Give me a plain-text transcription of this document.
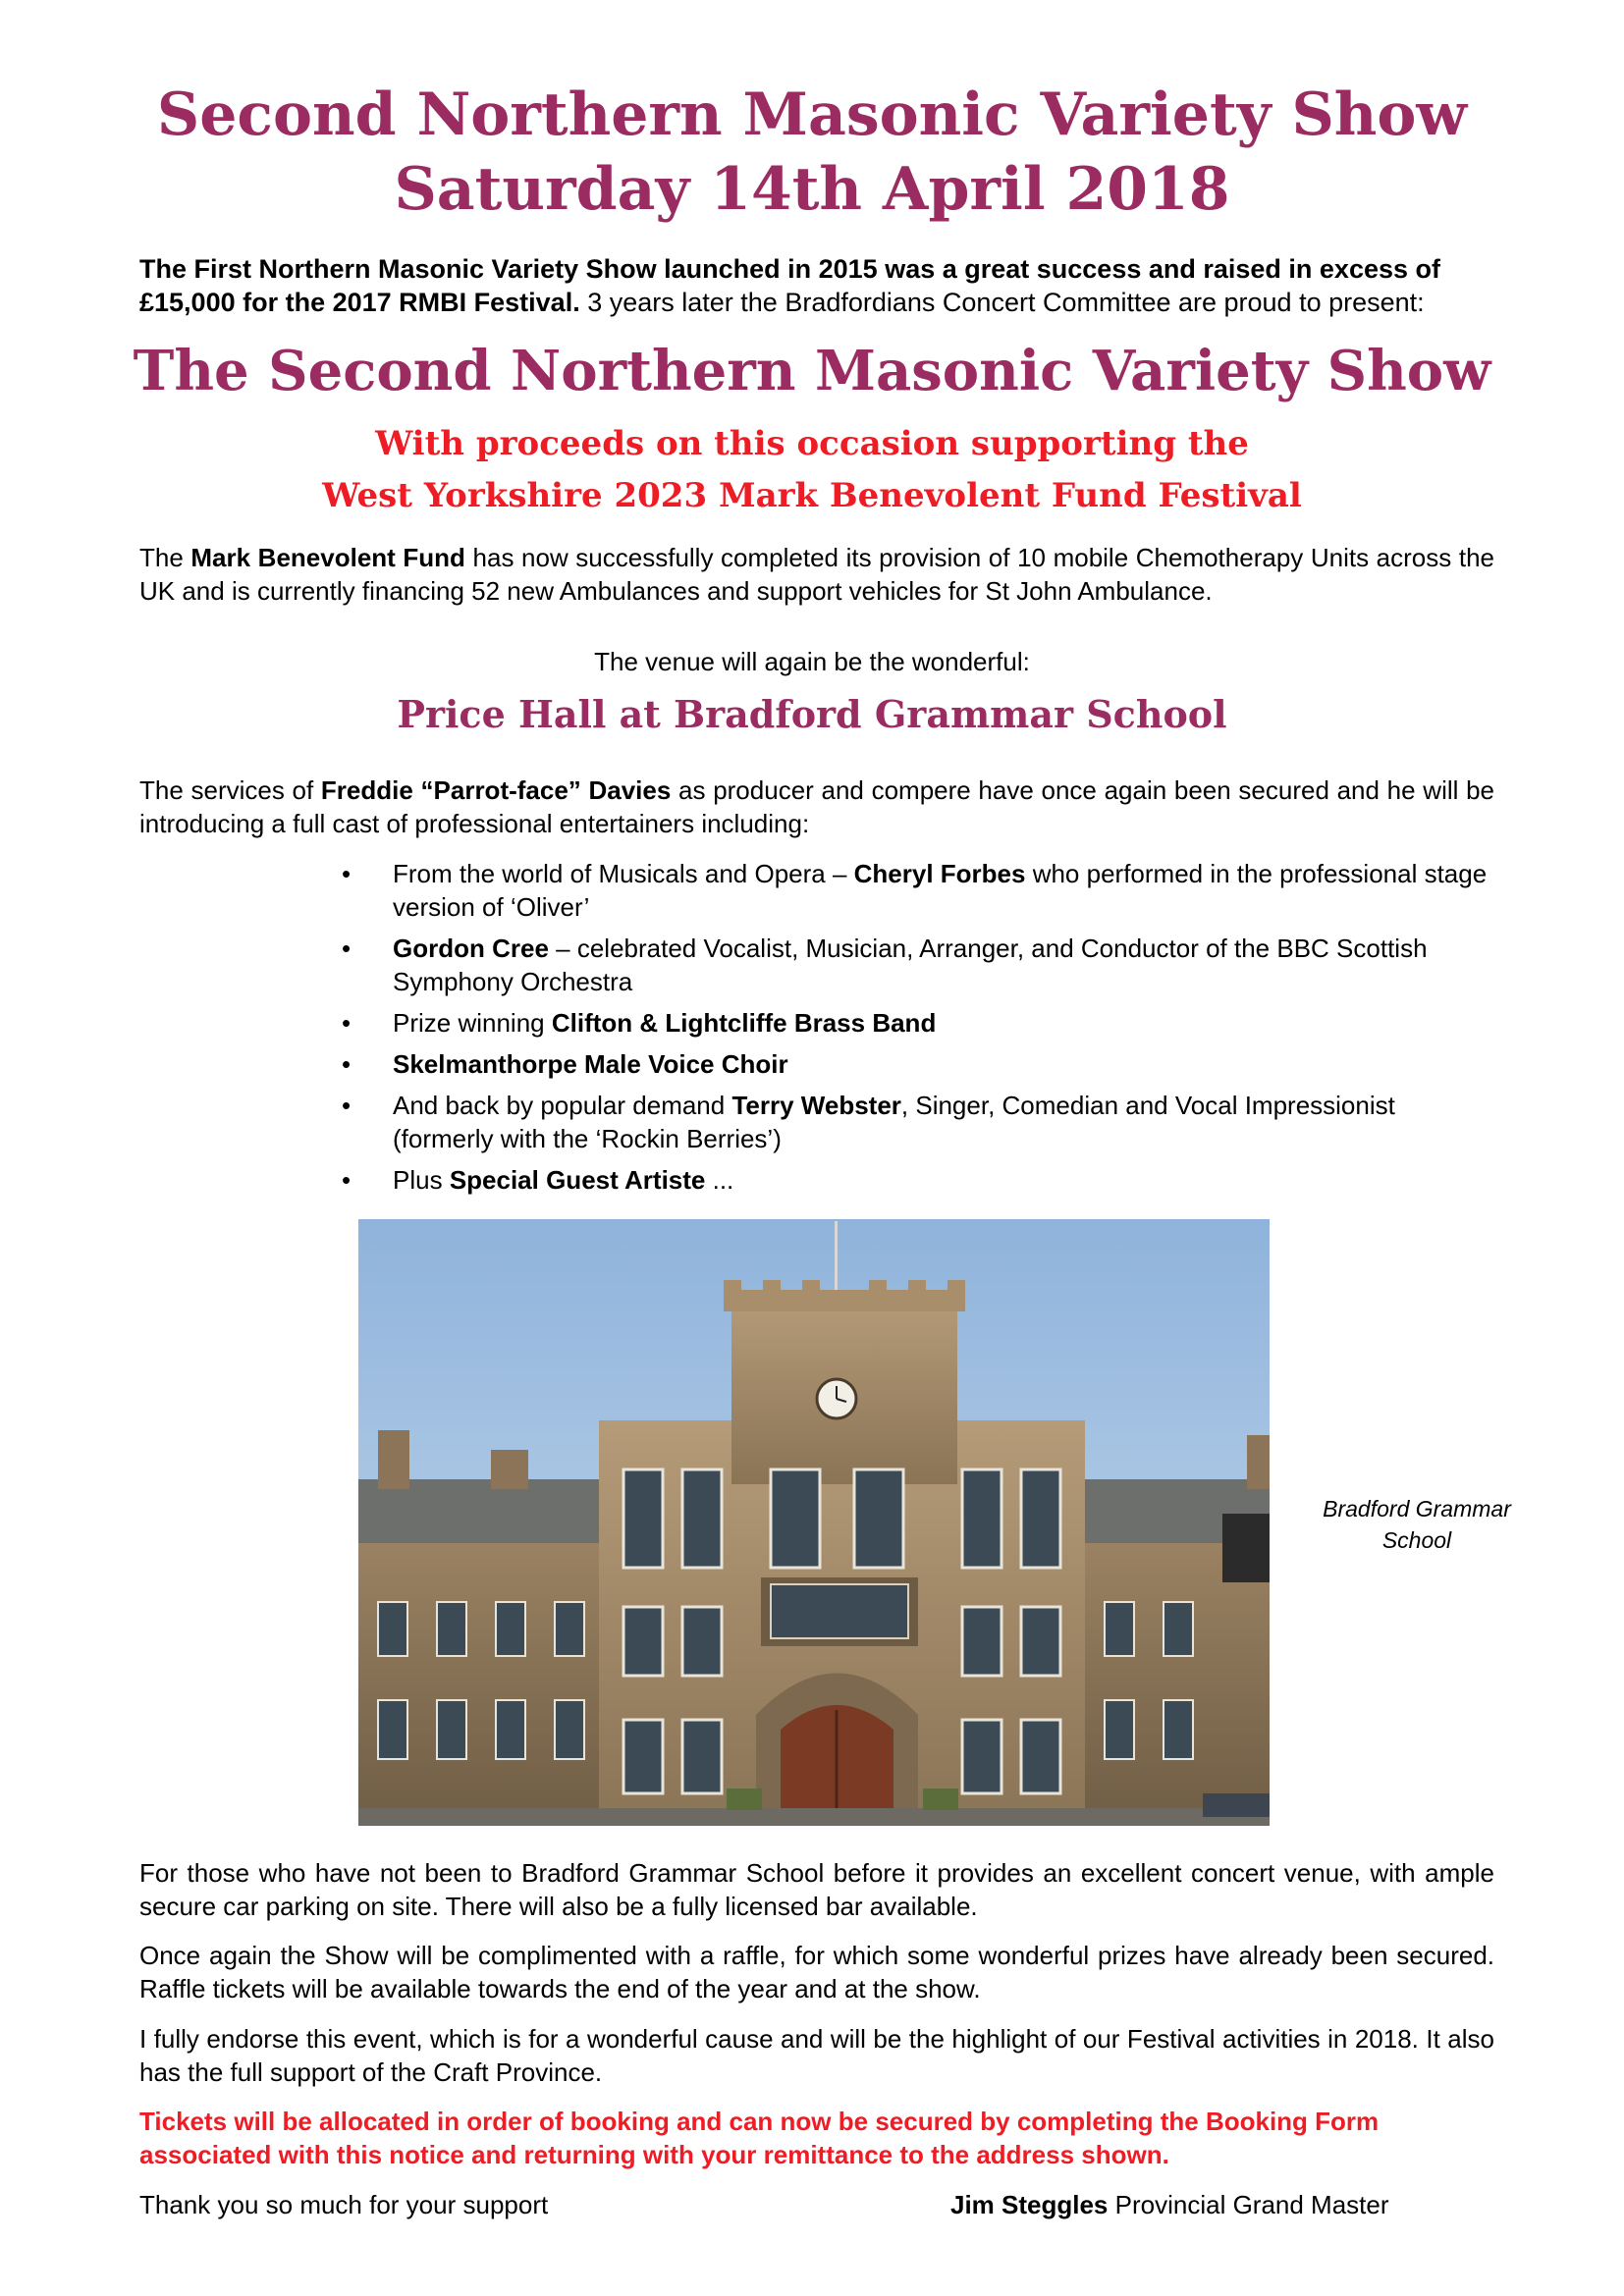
Second Northern Masonic Variety Show
Saturday 14th April 2018

The First Northern Masonic Variety Show launched in 2015 was a great success and raised in excess of £15,000 for the 2017 RMBI Festival. 3 years later the Bradfordians Concert Committee are proud to present:

The Second Northern Masonic Variety Show
With proceeds on this occasion supporting the
West Yorkshire 2023 Mark Benevolent Fund Festival

The Mark Benevolent Fund has now successfully completed its provision of 10 mobile Chemotherapy Units across the UK and is currently financing 52 new Ambulances and support vehicles for St John Ambulance.

The venue will again be the wonderful:

Price Hall at Bradford Grammar School

The services of Freddie “Parrot-face” Davies as producer and compere have once again been secured and he will be introducing a full cast of professional entertainers including:

• From the world of Musicals and Opera – Cheryl Forbes who performed in the professional stage version of ‘Oliver’
• Gordon Cree – celebrated Vocalist, Musician, Arranger, and Conductor of the BBC Scottish Symphony Orchestra
• Prize winning Clifton & Lightcliffe Brass Band
• Skelmanthorpe Male Voice Choir
• And back by popular demand Terry Webster, Singer, Comedian and Vocal Impressionist (formerly with the ‘Rockin Berries’)
• Plus Special Guest Artiste ...

Bradford Grammar School

For those who have not been to Bradford Grammar School before it provides an excellent concert venue, with ample secure car parking on site. There will also be a fully licensed bar available.

Once again the Show will be complimented with a raffle, for which some wonderful prizes have already been secured. Raffle tickets will be available towards the end of the year and at the show.

I fully endorse this event, which is for a wonderful cause and will be the highlight of our Festival activities in 2018. It also has the full support of the Craft Province.

Tickets will be allocated in order of booking and can now be secured by completing the Booking Form associated with this notice and returning with your remittance to the address shown.

Thank you so much for your support	Jim Steggles Provincial Grand Master
